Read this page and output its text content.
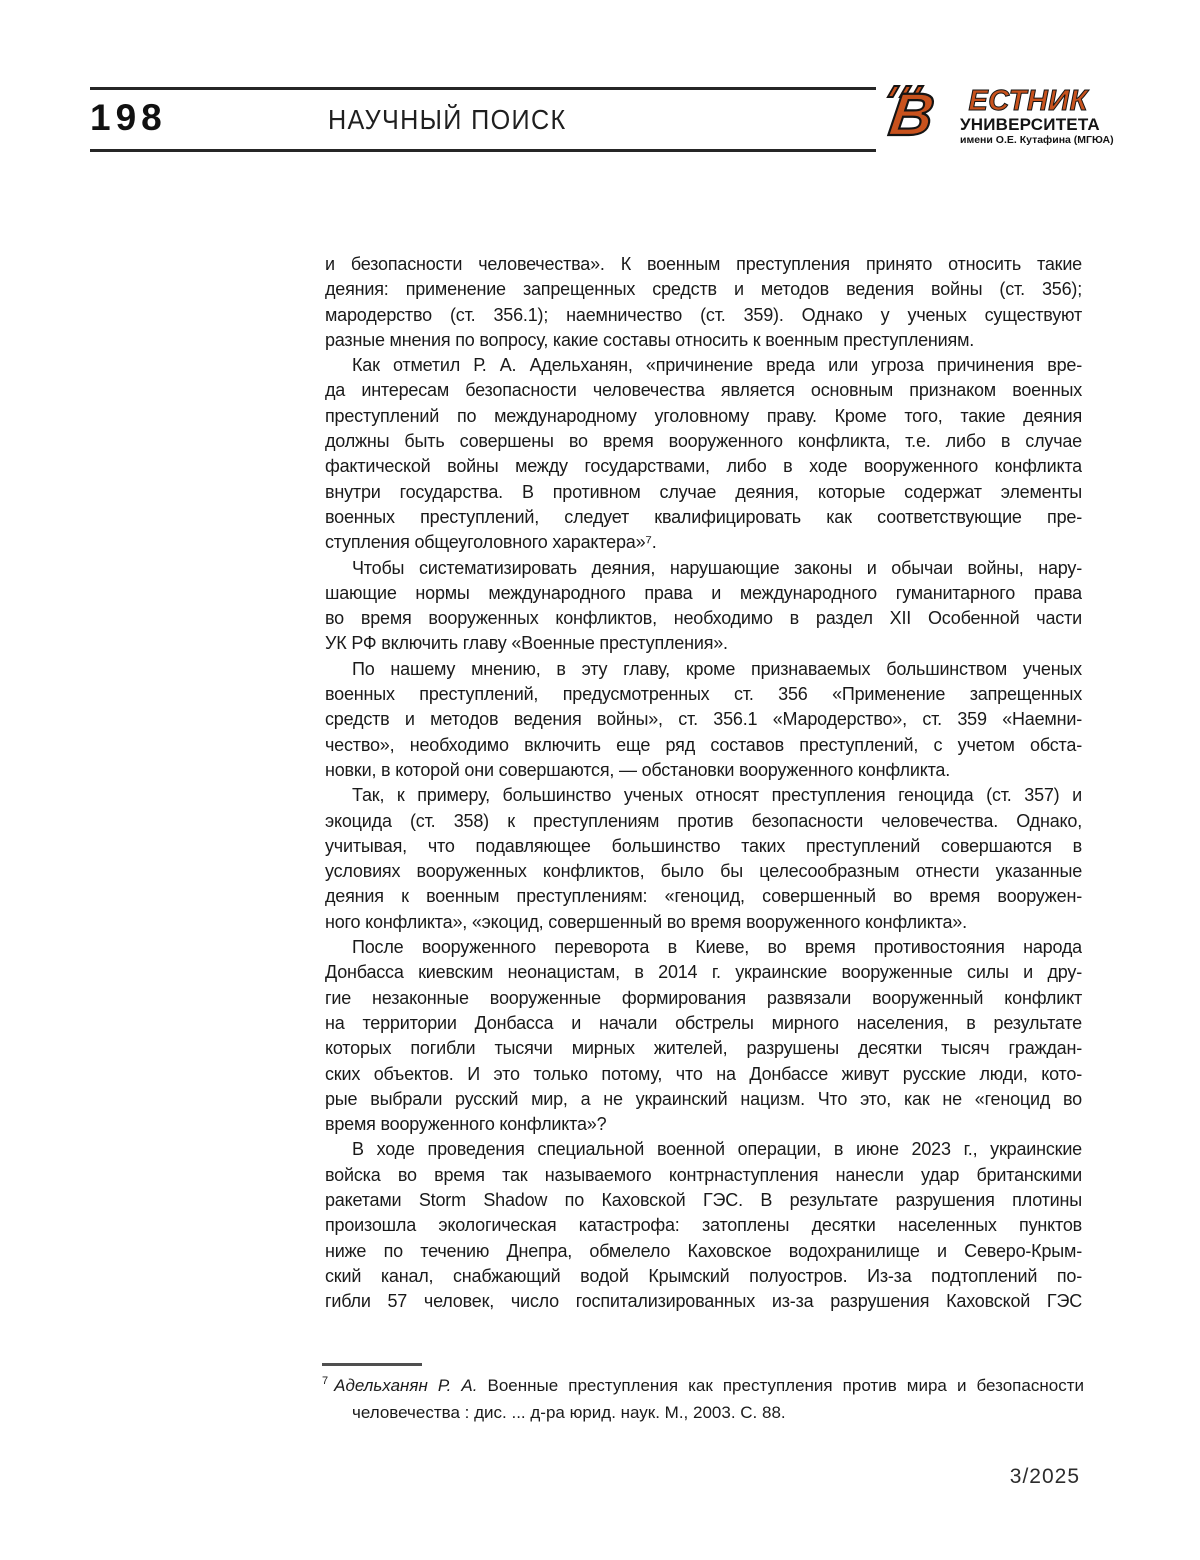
198	НАУЧНЫЙ ПОИСК	В ЕСТНИК
УНИВЕРСИТЕТА
имени О.Е. Кутафина (МГЮА)
и безопасности человечества». К военным преступления принято относить такие
деяния: применение запрещенных средств и методов ведения войны (ст. 356);
мародерство (ст. 356.1); наемничество (ст. 359). Однако у ученых существуют
разные мнения по вопросу, какие составы относить к военным преступлениям.
Как отметил Р. А. Адельханян, «причинение вреда или угроза причинения вре-
да интересам безопасности человечества является основным признаком военных
преступлений по международному уголовному праву. Кроме того, такие деяния
должны быть совершены во время вооруженного конфликта, т.е. либо в случае
фактической войны между государствами, либо в ходе вооруженного конфликта
внутри государства. В противном случае деяния, которые содержат элементы
военных преступлений, следует квалифицировать как соответствующие пре-
ступления общеуголовного характера»⁷.
Чтобы систематизировать деяния, нарушающие законы и обычаи войны, нару-
шающие нормы международного права и международного гуманитарного права
во время вооруженных конфликтов, необходимо в раздел XII Особенной части
УК РФ включить главу «Военные преступления».
По нашему мнению, в эту главу, кроме признаваемых большинством ученых
военных преступлений, предусмотренных ст. 356 «Применение запрещенных
средств и методов ведения войны», ст. 356.1 «Мародерство», ст. 359 «Наемни-
чество», необходимо включить еще ряд составов преступлений, с учетом обста-
новки, в которой они совершаются, — обстановки вооруженного конфликта.
Так, к примеру, большинство ученых относят преступления геноцида (ст. 357) и
экоцида (ст. 358) к преступлениям против безопасности человечества. Однако,
учитывая, что подавляющее большинство таких преступлений совершаются в
условиях вооруженных конфликтов, было бы целесообразным отнести указанные
деяния к военным преступлениям: «геноцид, совершенный во время вооружен-
ного конфликта», «экоцид, совершенный во время вооруженного конфликта».
После вооруженного переворота в Киеве, во время противостояния народа
Донбасса киевским неонацистам, в 2014 г. украинские вооруженные силы и дру-
гие незаконные вооруженные формирования развязали вооруженный конфликт
на территории Донбасса и начали обстрелы мирного населения, в результате
которых погибли тысячи мирных жителей, разрушены десятки тысяч граждан-
ских объектов. И это только потому, что на Донбассе живут русские люди, кото-
рые выбрали русский мир, а не украинский нацизм. Что это, как не «геноцид во
время вооруженного конфликта»?
В ходе проведения специальной военной операции, в июне 2023 г., украинские
войска во время так называемого контрнаступления нанесли удар британскими
ракетами Storm Shadow по Каховской ГЭС. В результате разрушения плотины
произошла экологическая катастрофа: затоплены десятки населенных пунктов
ниже по течению Днепра, обмелело Каховское водохранилище и Северо-Крым-
ский канал, снабжающий водой Крымский полуостров. Из-за подтоплений по-
гибли 57 человек, число госпитализированных из-за разрушения Каховской ГЭС
$^7$ Адельханян Р. А. Военные преступления как преступления против мира и безопасности человечества : дис. ... д-ра юрид. наук. М., 2003. С. 88.
3/2025
